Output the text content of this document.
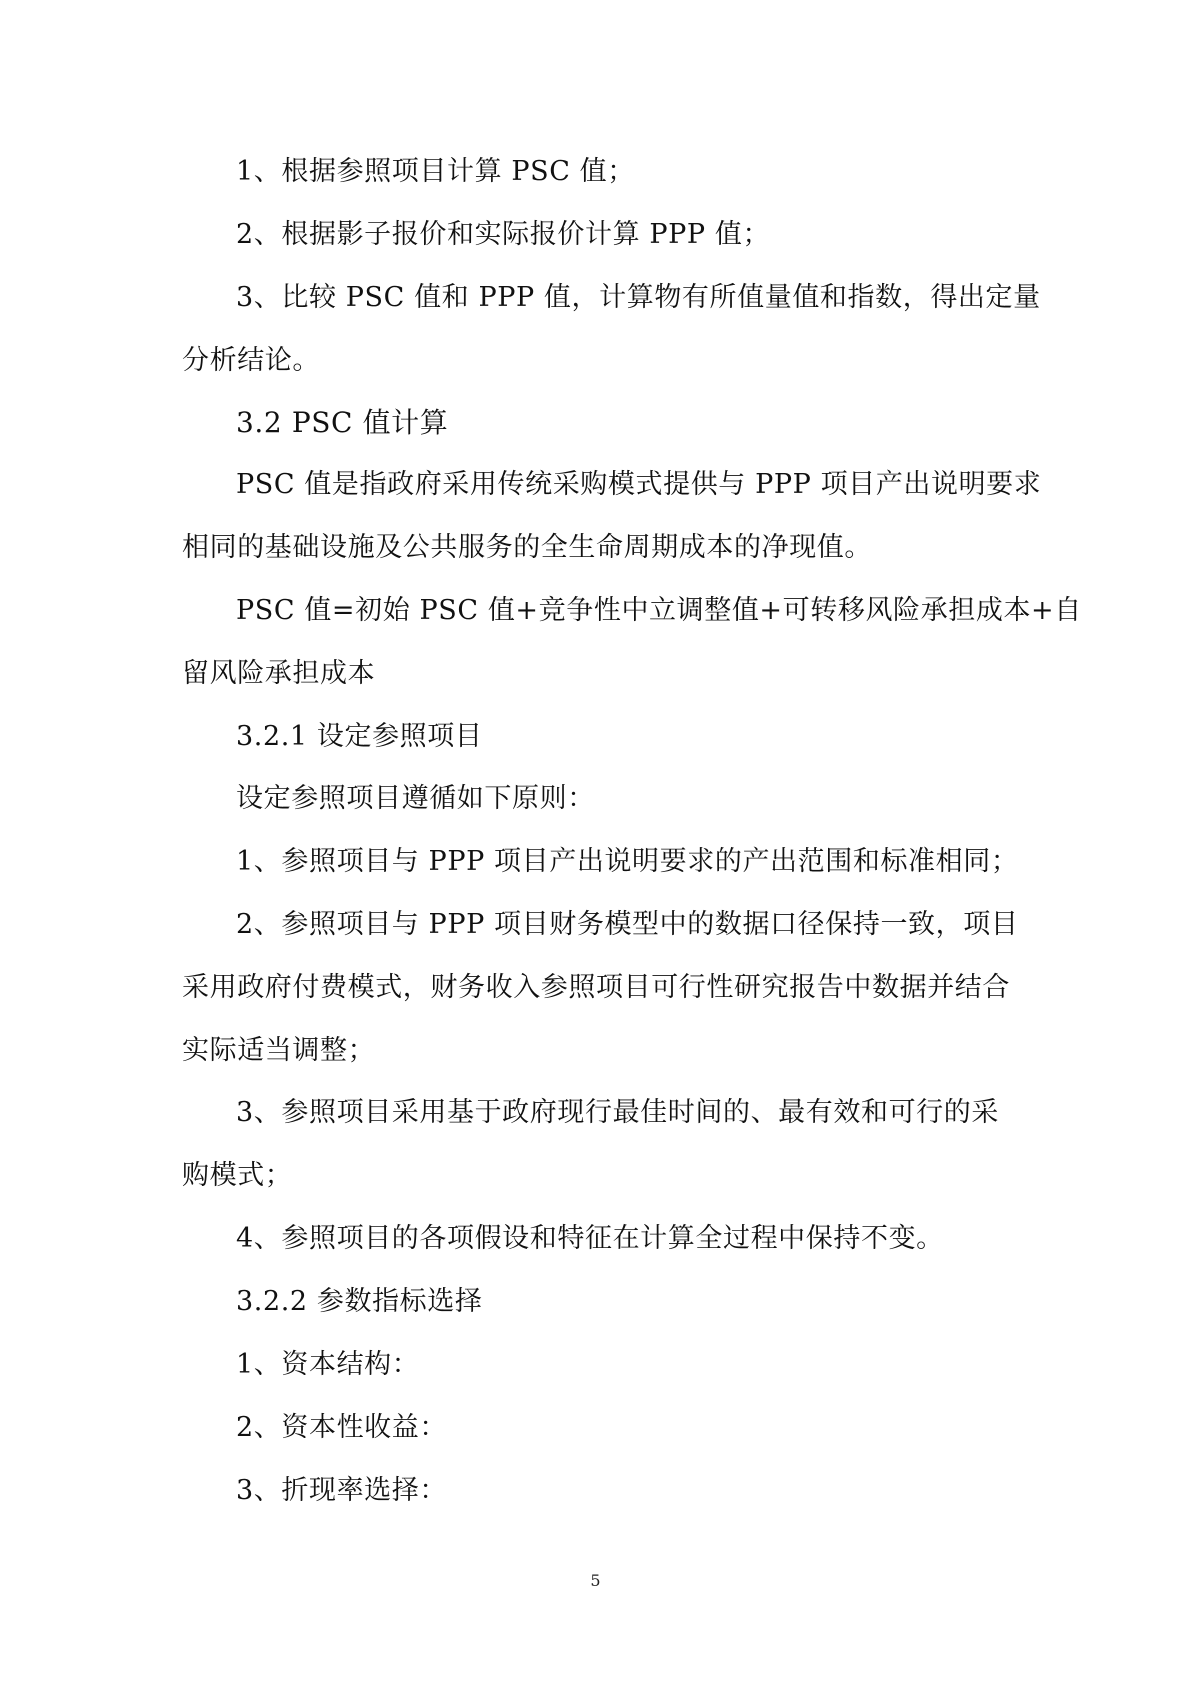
1、根据参照项目计算 PSC 值；
2、根据影子报价和实际报价计算 PPP 值；
3、比较 PSC 值和 PPP 值，计算物有所值量值和指数，得出定量
分析结论。
3.2 PSC 值计算
PSC 值是指政府采用传统采购模式提供与 PPP 项目产出说明要求
相同的基础设施及公共服务的全生命周期成本的净现值。
PSC 值=初始 PSC 值+竞争性中立调整值+可转移风险承担成本+自
留风险承担成本
3.2.1 设定参照项目
设定参照项目遵循如下原则：
1、参照项目与 PPP 项目产出说明要求的产出范围和标准相同；
2、参照项目与 PPP 项目财务模型中的数据口径保持一致，项目
采用政府付费模式，财务收入参照项目可行性研究报告中数据并结合
实际适当调整；
3、参照项目采用基于政府现行最佳时间的、最有效和可行的采
购模式；
4、参照项目的各项假设和特征在计算全过程中保持不变。
3.2.2 参数指标选择
1、资本结构：
2、资本性收益：
3、折现率选择：
5
